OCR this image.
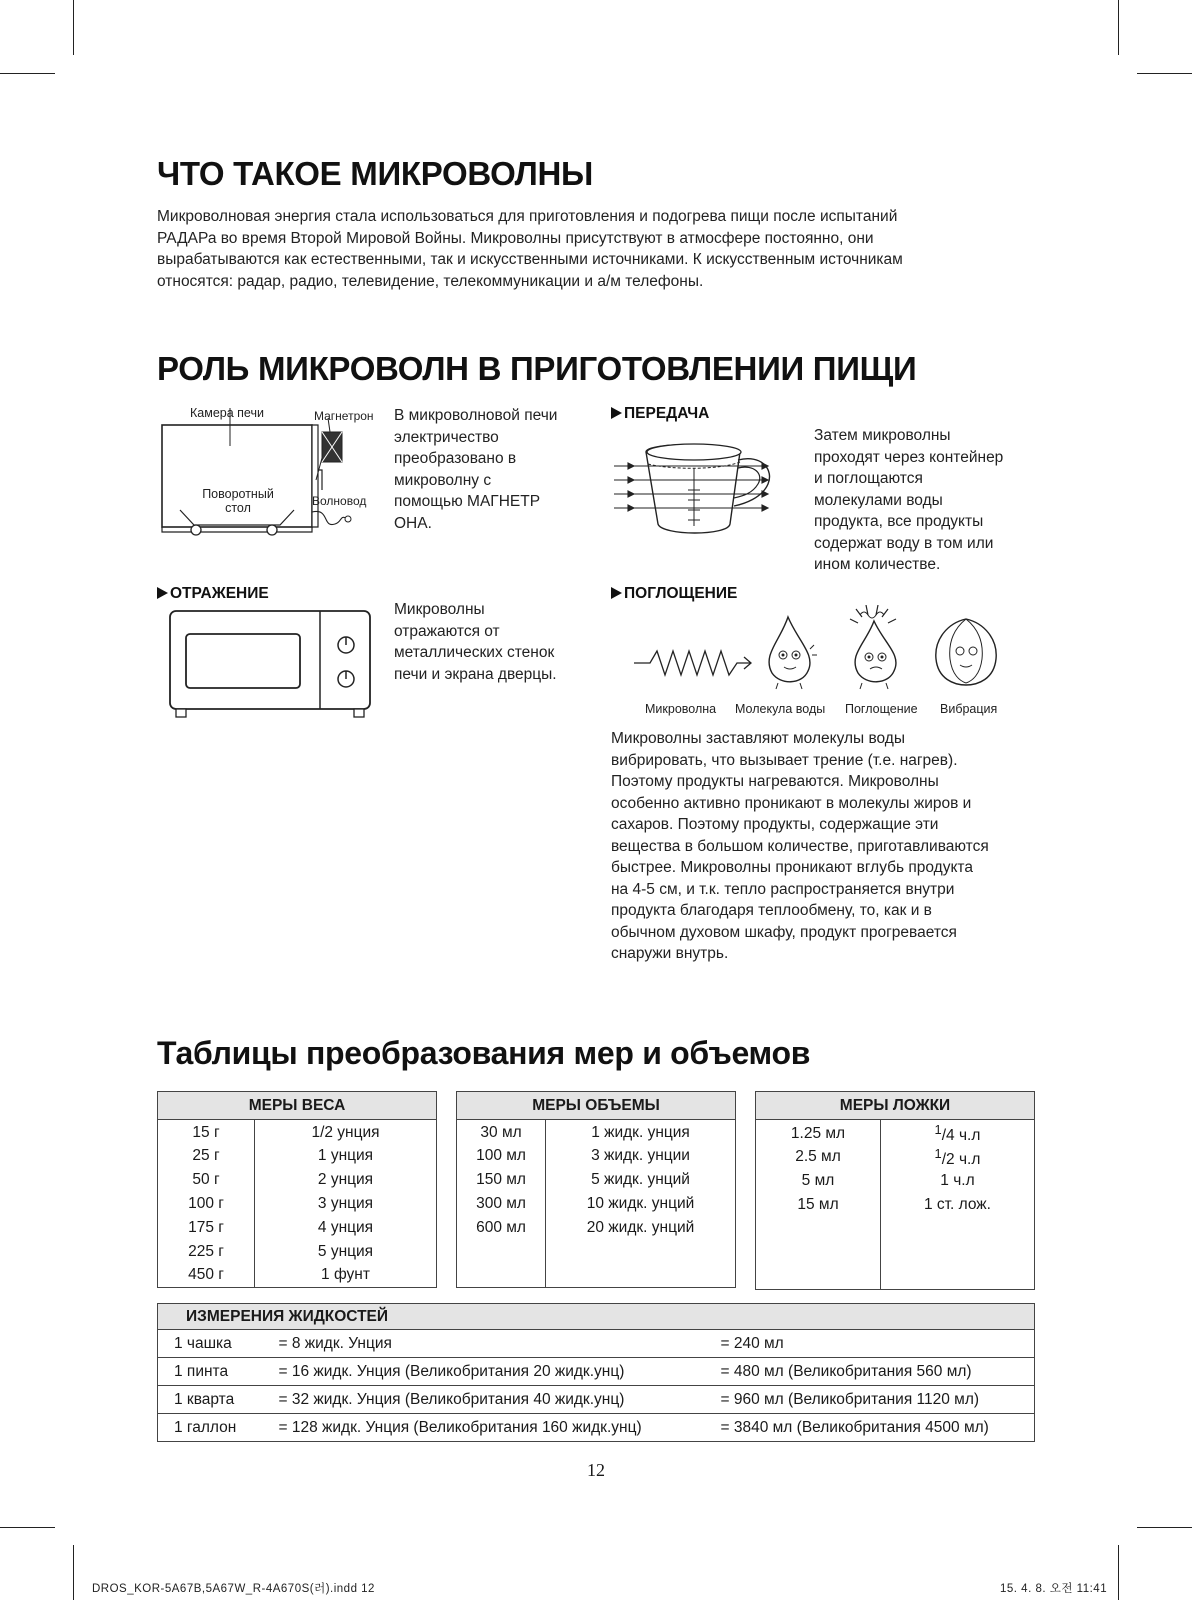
ЧТО ТАКОЕ МИКРОВОЛНЫ
Микроволновая энергия стала использоваться для приготовления и подогрева пищи после испытаний
РАДАРа во время Второй Мировой Войны. Микроволны присутствуют в атмосфере постоянно, они
вырабатываются как естественными, так и искусственными источниками. К искусственным источникам
относятся: радар, радио, телевидение, телекоммуникации и а/м телефоны.
РОЛЬ МИКРОВОЛН В ПРИГОТОВЛЕНИИ ПИЩИ
Камера печи	Магнетрон
Поворотный
стол	Волновод
В микроволновой печи
электричество
преобразовано в
микроволну с
помощью МАГНЕТР
ОНА.
ПЕРЕДАЧА
Затем микроволны
проходят через контейнер
и поглощаются
молекулами воды
продукта, все продукты
содержат воду в том или
ином количестве.
ОТРАЖЕНИЕ
Микроволны
отражаются от
металлических стенок
печи и экрана дверцы.
ПОГЛОЩЕНИЕ
Микроволна Молекула воды Поглощение Вибрация
Микроволны заставляют молекулы воды
вибрировать, что вызывает трение (т.е. нагрев).
Поэтому продукты нагреваются. Микроволны
особенно активно проникают в молекулы жиров и
сахаров. Поэтому продукты, содержащие эти
вещества в большом количестве, приготавливаются
быстрее. Микроволны проникают вглубь продукта
на 4-5 см, и т.к. тепло распространяется внутри
продукта благодаря теплообмену, то, как и в
обычном духовом шкафу, продукт прогревается
снаружи внутрь.
Таблицы преобразования мер и объемов
МЕРЫ ВЕСА	
15 г	1/2 унция
25 г	1 унция
50 г	2 унция
100 г	3 унция
175 г	4 унция
225 г	5 унция
450 г	1 фунт
МЕРЫ ОБЪЕМЫ	
30 мл	1 жидк. унция
100 мл	3 жидк. унции
150 мл	5 жидк. унций
300 мл	10 жидк. унций
600 мл	20 жидк. унций

МЕРЫ ЛОЖКИ	
1.25 мл	$^1$/4 ч.л
2.5 мл	$^1$/2 ч.л
5 мл	1 ч.л
15 мл	1 ст. лож.

ИЗМЕРЕНИЯ ЖИДКОСТЕЙ		
1 чашка	= 8 жидк. Унция	= 240 мл
1 пинта	= 16 жидк. Унция (Великобритания 20 жидк.унц)	= 480 мл (Великобритания 560 мл)
1 кварта	= 32 жидк. Унция (Великобритания 40 жидк.унц)	= 960 мл (Великобритания 1120 мл)
1 галлон	= 128 жидк. Унция (Великобритания 160 жидк.унц)	= 3840 мл (Великобритания 4500 мл)
12
DROS_KOR-5A67B,5A67W_R-4A670S(러).indd 12	15. 4. 8. 오전 11:41
